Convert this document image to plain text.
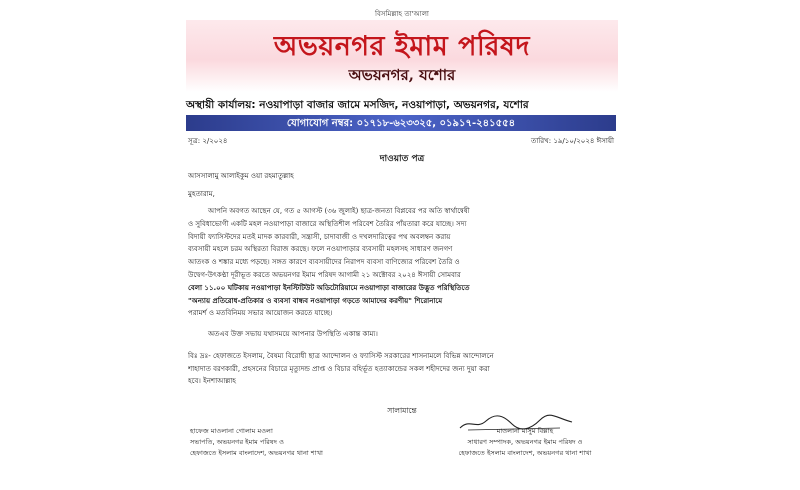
বিসমিল্লাহ তা'আলা
অভয়নগর ইমাম পরিষদ
অভয়নগর, যশোর
অস্থায়ী কার্যালয়: নওয়াপাড়া বাজার জামে মসজিদ, নওয়াপাড়া, অভয়নগর, যশোর
যোগাযোগ নম্বর: ০১৭১৮-৬২৩৩২৫, ০১৯১৭-২৪১৫৫৪
সূত্র: ২/২০২৪	তারিখ: ১৯/১০/২০২৪ ঈসায়ী
দাওয়াত পত্র
আসসালামু আলাইকুম ওয়া রহমাতুল্লাহ
মুহতারাম,
আপনি অবগত আছেন যে, গত ৫ আগস্ট (৩৬ জুলাই) ছাত্র-জনতা বিপ্লবের পর অতি স্বার্থান্বেষী
ও সুবিধাভোগী একটি মহল নওয়াপাড়া বাজারে অস্থিতিশীল পরিবেশ তৈরির পাঁয়তারা করে যাচ্ছে। সদ্য
বিদায়ী ফ্যাসিস্টদের মতই মাদক কারবারী, সন্ত্রাসী, চাদাবাজী ও দখলদারিত্বের পথ অবলম্বন করায়
ব্যবসায়ী মহলে চরম অস্থিরতা বিরাজ করছে। ফলে নওয়াপাড়ার ব্যবসায়ী মহলসহ সাধারণ জনগণ
আতংক ও শঙ্কার মধ্যে পড়ছে। সঙ্গত কারণে ব্যবসায়ীদের নিরাপদ ব্যবসা বাণিজ্যের পরিবেশ তৈরি ও
উদ্বেগ-উৎকণ্ঠা দূরীভূত করতে অভয়নগর ইমাম পরিষদ আগামী ২১ অক্টোবর ২০২৪ ঈসায়ী সোমবার
বেলা ১১.০০ ঘটিকায় নওয়াপাড়া ইনস্টিটিউট অডিটোরিয়ামে নওয়াপাড়া বাজারের উদ্ভূত পরিস্থিতিতে
"অন্যায় প্রতিরোধ-প্রতিকার ও ব্যবসা বান্ধব নওয়াপাড়া গড়তে আমাদের করণীয়" শিরোনামে
পরামর্শ ও মতবিনিময় সভার আয়োজন করতে যাচ্ছে।
অতএব উক্ত সভায় যথাসময়ে আপনার উপস্থিতি একান্ত কাম্য।
বিঃ দ্রঃ- হেফাজতে ইসলাম, বৈষম্য বিরোধী ছাত্র আন্দোলন ও ফ্যাসিস্ট সরকারের শাসনামলে বিভিন্ন আন্দোলনে
শাহাদাত বরণকারী, প্রহসনের বিচারে মৃত্যুদন্ড প্রাপ্ত ও বিচার বহির্ভূত হত্যাকান্ডের সকল শহীদদের জন্য দুয়া করা
হবে। ইনশাআল্লাহ
সালামান্তে
হাফেজ মাওলানা গোলাম মওলা
সভাপতি, অভয়নগর ইমাম পরিষদ ও
হেফাজতে ইসলাম বাংলাদেশ, অভয়নগর থানা শাখা
মাওলানা মাসুম বিল্লাহ
সাধারণ সম্পাদক, অভয়নগর ইমাম পরিষদ ও
হেফাজতে ইসলাম বাংলাদেশ, অভয়নগর থানা শাখা
